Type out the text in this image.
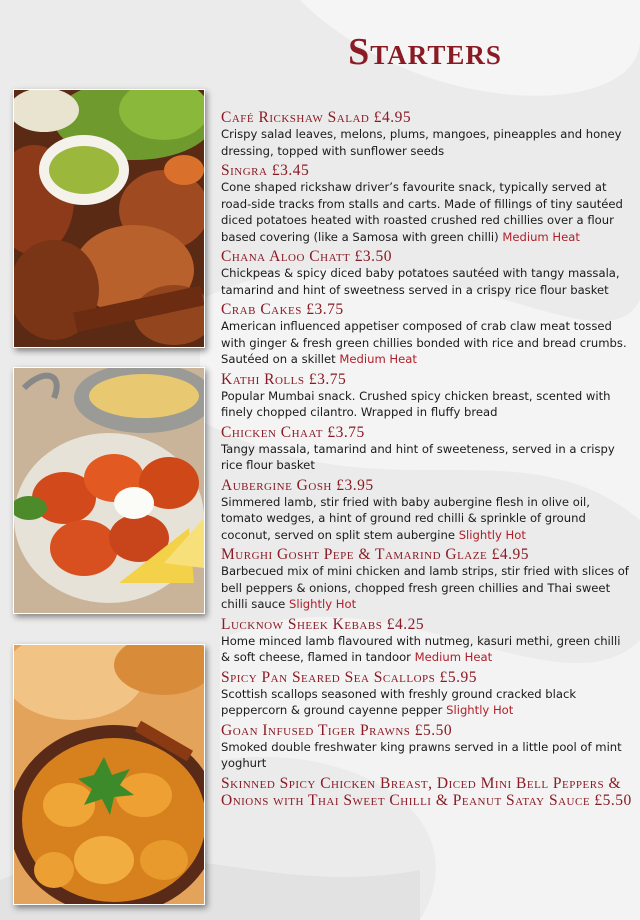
Starters
Café Rickshaw Salad £4.95
Crispy salad leaves, melons, plums, mangoes, pineapples and honey dressing, topped with sunflower seeds
Singra £3.45
Cone shaped rickshaw driver’s favourite snack, typically served at road-side tracks from stalls and carts. Made of fillings of tiny sautéed diced potatoes heated with roasted crushed red chillies over a flour based covering (like a Samosa with green chilli) Medium Heat
Chana Aloo Chatt £3.50
Chickpeas & spicy diced baby potatoes sautéed with tangy massala, tamarind and hint of sweetness served in a crispy rice flour basket
Crab Cakes £3.75
American influenced appetiser composed of crab claw meat tossed with ginger & fresh green chillies bonded with rice and bread crumbs. Sautéed on a skillet Medium Heat
Kathi Rolls £3.75
Popular Mumbai snack. Crushed spicy chicken breast, scented with finely chopped cilantro. Wrapped in fluffy bread
Chicken Chaat £3.75
Tangy massala, tamarind and hint of sweeteness, served in a crispy rice flour basket
Aubergine Gosh £3.95
Simmered lamb, stir fried with baby aubergine flesh in olive oil, tomato wedges, a hint of ground red chilli & sprinkle of ground coconut, served on split stem aubergine Slightly Hot
Murghi Gosht Pepe & Tamarind Glaze £4.95
Barbecued mix of mini chicken and lamb strips, stir fried with slices of bell peppers & onions, chopped fresh green chillies and Thai sweet chilli sauce Slightly Hot
Lucknow Sheek Kebabs £4.25
Home minced lamb flavoured with nutmeg, kasuri methi, green chilli & soft cheese, flamed in tandoor Medium Heat
Spicy Pan Seared Sea Scallops £5.95
Scottish scallops seasoned with freshly ground cracked black peppercorn & ground cayenne pepper Slightly Hot
Goan Infused Tiger Prawns £5.50
Smoked double freshwater king prawns served in a little pool of mint yoghurt
Skinned Spicy Chicken Breast, Diced Mini Bell Peppers & Onions with Thai Sweet Chilli & Peanut Satay Sauce £5.50
